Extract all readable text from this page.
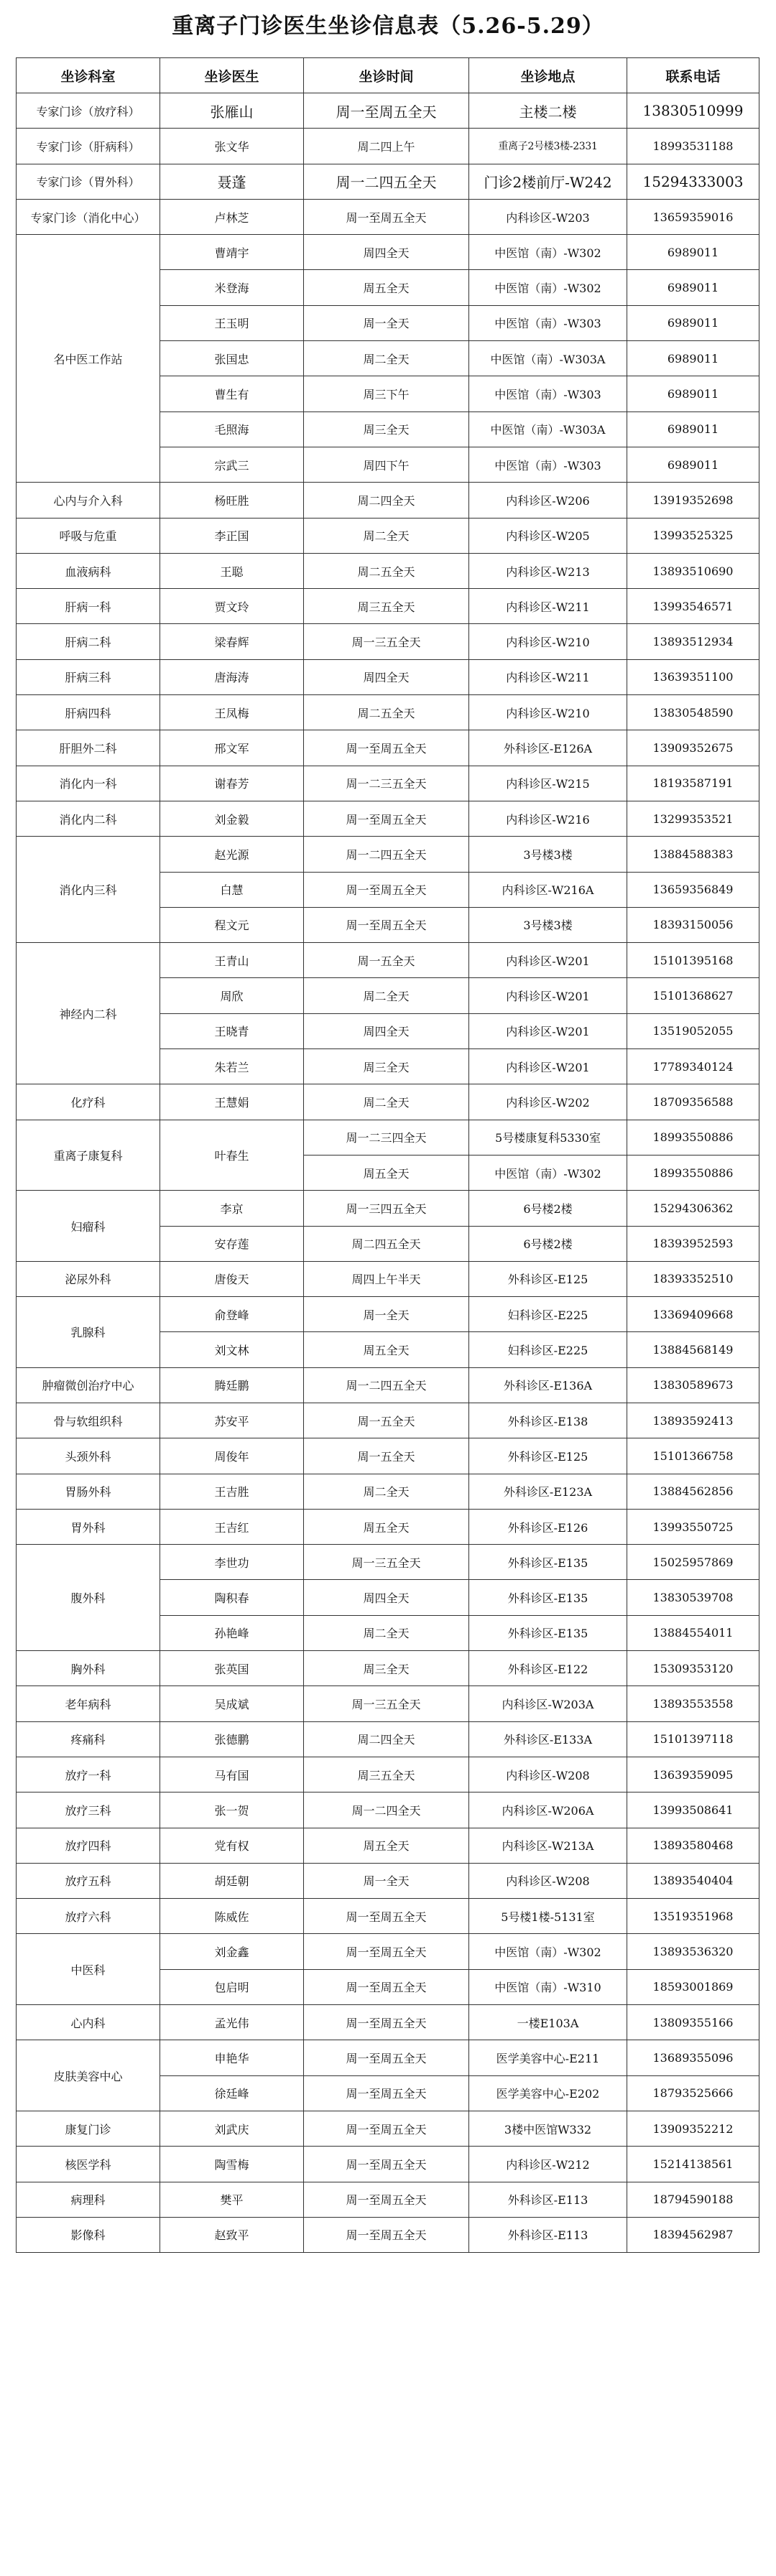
重离子门诊医生坐诊信息表（5.26-5.29）
坐诊科室	坐诊医生	坐诊时间	坐诊地点	联系电话
专家门诊（放疗科）	张雁山	周一至周五全天	主楼二楼	13830510999
专家门诊（肝病科）	张文华	周二四上午	重离子2号楼3楼-2331	18993531188
专家门诊（胃外科）	聂蓬	周一二四五全天	门诊2楼前厅-W242	15294333003
专家门诊（消化中心）	卢林芝	周一至周五全天	内科诊区-W203	13659359016
名中医工作站	曹靖宇	周四全天	中医馆（南）-W302	6989011
	米登海	周五全天	中医馆（南）-W302	6989011
	王玉明	周一全天	中医馆（南）-W303	6989011
	张国忠	周二全天	中医馆（南）-W303A	6989011
	曹生有	周三下午	中医馆（南）-W303	6989011
	毛照海	周三全天	中医馆（南）-W303A	6989011
	宗武三	周四下午	中医馆（南）-W303	6989011
心内与介入科	杨旺胜	周二四全天	内科诊区-W206	13919352698
呼吸与危重	李正国	周二全天	内科诊区-W205	13993525325
血液病科	王聪	周二五全天	内科诊区-W213	13893510690
肝病一科	贾文玲	周三五全天	内科诊区-W211	13993546571
肝病二科	梁春辉	周一三五全天	内科诊区-W210	13893512934
肝病三科	唐海涛	周四全天	内科诊区-W211	13639351100
肝病四科	王凤梅	周二五全天	内科诊区-W210	13830548590
肝胆外二科	邢文军	周一至周五全天	外科诊区-E126A	13909352675
消化内一科	谢春芳	周一二三五全天	内科诊区-W215	18193587191
消化内二科	刘金毅	周一至周五全天	内科诊区-W216	13299353521
消化内三科	赵光源	周一二四五全天	3号楼3楼	13884588383
	白慧	周一至周五全天	内科诊区-W216A	13659356849
	程文元	周一至周五全天	3号楼3楼	18393150056
神经内二科	王青山	周一五全天	内科诊区-W201	15101395168
	周欣	周二全天	内科诊区-W201	15101368627
	王晓青	周四全天	内科诊区-W201	13519052055
	朱若兰	周三全天	内科诊区-W201	17789340124
化疗科	王慧娟	周二全天	内科诊区-W202	18709356588
重离子康复科	叶春生	周一二三四全天	5号楼康复科5330室	18993550886
		周五全天	中医馆（南）-W302	18993550886
妇瘤科	李京	周一三四五全天	6号楼2楼	15294306362
	安存莲	周二四五全天	6号楼2楼	18393952593
泌尿外科	唐俊天	周四上午半天	外科诊区-E125	18393352510
乳腺科	俞登峰	周一全天	妇科诊区-E225	13369409668
	刘文林	周五全天	妇科诊区-E225	13884568149
肿瘤微创治疗中心	腾廷鹏	周一二四五全天	外科诊区-E136A	13830589673
骨与软组织科	苏安平	周一五全天	外科诊区-E138	13893592413
头颈外科	周俊年	周一五全天	外科诊区-E125	15101366758
胃肠外科	王吉胜	周二全天	外科诊区-E123A	13884562856
胃外科	王吉红	周五全天	外科诊区-E126	13993550725
腹外科	李世功	周一三五全天	外科诊区-E135	15025957869
	陶积春	周四全天	外科诊区-E135	13830539708
	孙艳峰	周二全天	外科诊区-E135	13884554011
胸外科	张英国	周三全天	外科诊区-E122	15309353120
老年病科	吴成斌	周一三五全天	内科诊区-W203A	13893553558
疼痛科	张德鹏	周二四全天	外科诊区-E133A	15101397118
放疗一科	马有国	周三五全天	内科诊区-W208	13639359095
放疗三科	张一贺	周一二四全天	内科诊区-W206A	13993508641
放疗四科	党有权	周五全天	内科诊区-W213A	13893580468
放疗五科	胡廷朝	周一全天	内科诊区-W208	13893540404
放疗六科	陈威佐	周一至周五全天	5号楼1楼-5131室	13519351968
中医科	刘金鑫	周一至周五全天	中医馆（南）-W302	13893536320
	包启明	周一至周五全天	中医馆（南）-W310	18593001869
心内科	孟光伟	周一至周五全天	一楼E103A	13809355166
皮肤美容中心	申艳华	周一至周五全天	医学美容中心-E211	13689355096
	徐廷峰	周一至周五全天	医学美容中心-E202	18793525666
康复门诊	刘武庆	周一至周五全天	3楼中医馆W332	13909352212
核医学科	陶雪梅	周一至周五全天	内科诊区-W212	15214138561
病理科	樊平	周一至周五全天	外科诊区-E113	18794590188
影像科	赵致平	周一至周五全天	外科诊区-E113	18394562987
